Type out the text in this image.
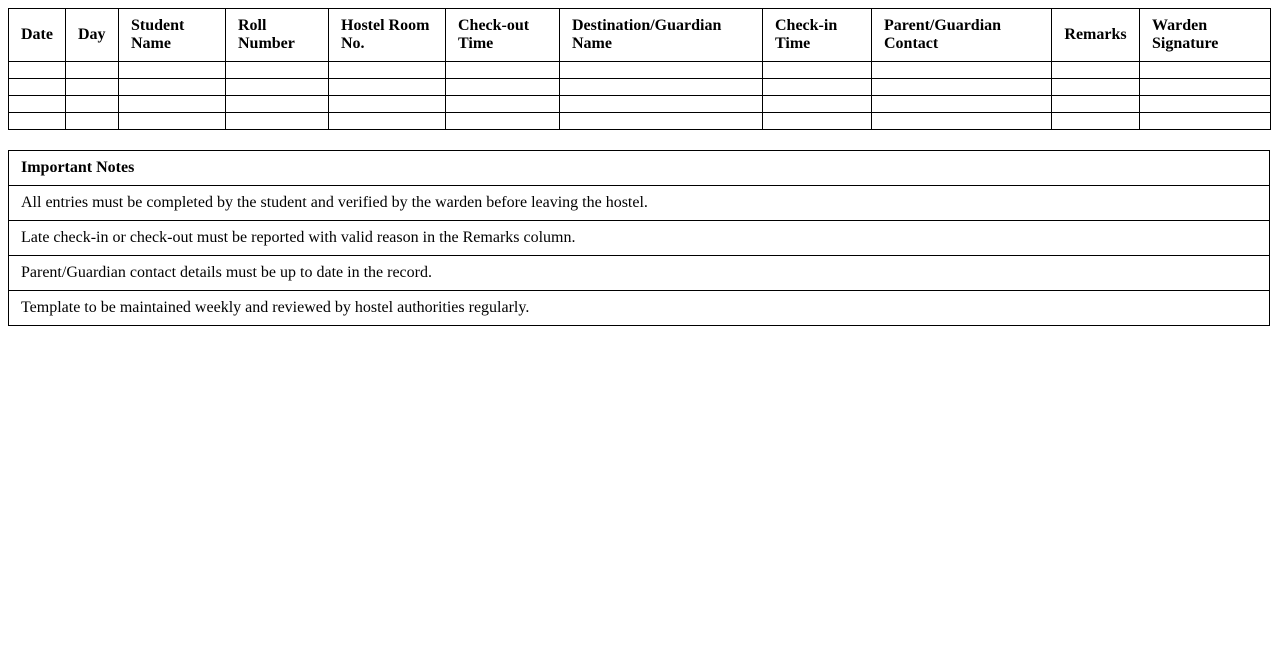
Date	Day	Student Name	Roll Number	Hostel Room No.	Check-out Time	Destination/Guardian Name	Check-in Time	Parent/Guardian Contact	Remarks	Warden Signature

Important Notes
All entries must be completed by the student and verified by the warden before leaving the hostel.
Late check-in or check-out must be reported with valid reason in the Remarks column.
Parent/Guardian contact details must be up to date in the record.
Template to be maintained weekly and reviewed by hostel authorities regularly.
